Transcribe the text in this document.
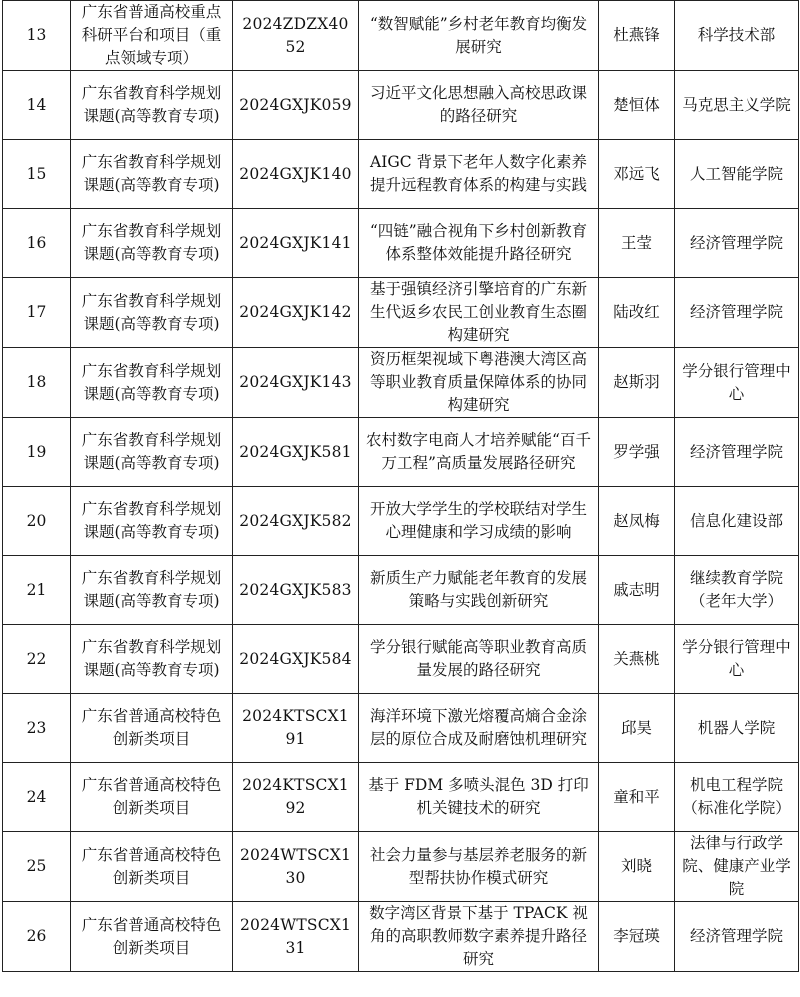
13	广东省普通高校重点科研平台和项目（重点领域专项）	2024ZDZX4052	“数智赋能”乡村老年教育均衡发展研究	杜燕锋	科学技术部
14	广东省教育科学规划课题(高等教育专项)	2024GXJK059	习近平文化思想融入高校思政课的路径研究	楚恒体	马克思主义学院
15	广东省教育科学规划课题(高等教育专项)	2024GXJK140	AIGC 背景下老年人数字化素养提升远程教育体系的构建与实践	邓远飞	人工智能学院
16	广东省教育科学规划课题(高等教育专项)	2024GXJK141	“四链”融合视角下乡村创新教育体系整体效能提升路径研究	王莹	经济管理学院
17	广东省教育科学规划课题(高等教育专项)	2024GXJK142	基于强镇经济引擎培育的广东新生代返乡农民工创业教育生态圈构建研究	陆改红	经济管理学院
18	广东省教育科学规划课题(高等教育专项)	2024GXJK143	资历框架视域下粤港澳大湾区高等职业教育质量保障体系的协同构建研究	赵斯羽	学分银行管理中心
19	广东省教育科学规划课题(高等教育专项)	2024GXJK581	农村数字电商人才培养赋能“百千万工程”高质量发展路径研究	罗学强	经济管理学院
20	广东省教育科学规划课题(高等教育专项)	2024GXJK582	开放大学学生的学校联结对学生心理健康和学习成绩的影响	赵凤梅	信息化建设部
21	广东省教育科学规划课题(高等教育专项)	2024GXJK583	新质生产力赋能老年教育的发展策略与实践创新研究	戚志明	继续教育学院（老年大学）
22	广东省教育科学规划课题(高等教育专项)	2024GXJK584	学分银行赋能高等职业教育高质量发展的路径研究	关燕桃	学分银行管理中心
23	广东省普通高校特色创新类项目	2024KTSCX191	海洋环境下激光熔覆高熵合金涂层的原位合成及耐磨蚀机理研究	邱昊	机器人学院
24	广东省普通高校特色创新类项目	2024KTSCX192	基于 FDM 多喷头混色 3D 打印机关键技术的研究	童和平	机电工程学院（标准化学院）
25	广东省普通高校特色创新类项目	2024WTSCX130	社会力量参与基层养老服务的新型帮扶协作模式研究	刘晓	法律与行政学院、健康产业学院
26	广东省普通高校特色创新类项目	2024WTSCX131	数字湾区背景下基于 TPACK 视角的高职教师数字素养提升路径研究	李冠瑛	经济管理学院
